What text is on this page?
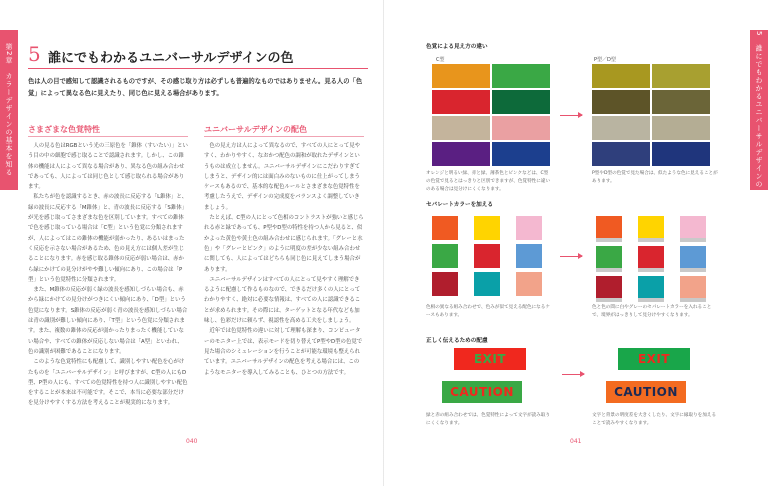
第2章　カラーデザインの基本を知る 5 誰にでもわかるユニバーサルデザインの色
色は人の目で感知して認識されるものですが、その感じ取り方は必ずしも普遍的なものではありません。見る人の「色覚」によって異なる色に見えたり、同じ色に見える場合があります。
さまざまな色覚特性

人の見る色はRGBという光の三原色を「錐体（すいたい）」という目の中の細胞で感じ取ることで認識されます。しかし、この錐体の機能は人によって異なる場合があり、異なる色の組み合わせであっても、人によっては同じ色として感じ取られる場合があります。

私たちが色を認識するとき、赤の波長に反応する「L錐体」と、緑の波長に反応する「M錐体」と、青の波長に反応する「S錐体」が光を感じ取ってさまざまな色を区別しています。すべての錐体で色を感じ取っている場合は「C型」という色覚に分類されますが、人によってはこの錐体の機能が弱かったり、あるいはまったく反応を示さない場合があるため、色の見え方には個人差が生じることになります。赤を感じ取る錐体の反応が弱い場合は、赤から緑にかけての見分けがやや難しい傾向にあり、この場合は「P型」という色覚特性に分類されます。

また、M錐体の反応が弱く緑の波長を感知しづらい場合も、赤から緑にかけての見分けがつきにくい傾向にあり、「D型」という色覚になります。S錐体の反応が弱く青の波長を感知しづらい場合は青の識別が難しい傾向にあり、「T型」という色覚に分類されます。また、複数の錐体の反応が弱かったりまったく機能していない場合や、すべての錐体が反応しない場合は「A型」といわれ、色の識別が困難であることになります。

このような色覚特性にも配慮して、識別しやすい配色を心がけたものを「ユニバーサルデザイン」と呼びますが、C型の人にもD型、P型の人にも、すべての色覚特性を持つ人に識別しやすい配色をすることが本来は不可能です。そこで、本当に必要な部分だけを見分けやすくする方法を考えることが現実的になります。

ユニバーサルデザインの配色

色の見え方は人によって異なるので、すべての人にとって見やすく、わかりやすく、なおかつ配色の調和が取れたデザインというものは成立しません。ユニバーサルデザインにこだわりすぎてしまうと、デザイン的には面白みのないものに仕上がってしまうケースもあるので、基本的な配色ルールとさまざまな色覚特性を考慮したうえで、デザインの完成度をバランスよく調整していきましょう。

たとえば、C型の人にとって色相のコントラストが強いと感じられる赤と緑であっても、P型やD型の特性を持つ人から見ると、似かよった黄色や黄土色の組み合わせに感じられます。「グレーと水色」や「グレーとピンク」のように明度の差が少ない組み合わせに関しても、人によってはどちらも同じ色に見えてしまう場合があります。

ユニバーサルデザインはすべての人にとって見やすく理解できるように配慮して作るものなので、できるだけ多くの人にとってわかりやすく、絶対に必要な情報は、すべての人に認識できることが求められます。その際には、ターゲットとなる年代なども加味し、色彩だけに頼らず、視認性を高める工夫をしましょう。

近年では色覚特性の違いに対して理解も深まり、コンピューターのモニター上では、表示モードを切り替えてP型やD型の色覚で見た場合のシミュレーションを行うことが可能な環境も整えられています。ユニバーサルデザインの配色を考える場合には、このようなモニターを導入してみることも、ひとつの方法です。

040
5　誰にでもわかるユニバーサルデザインの色
色覚による見え方の違い
C型	P型／D型
オレンジと明るい緑、赤と緑、薄茶色とピンクなどは、C型の色覚で見るとはっきりと区別できますが、色覚特性に違いのある場合は見分けにくくなります。
P型やD型の色覚で見た場合は、似たような色に見えることがあります。
セパレートカラーを加える
色相の異なる組み合わせで、色みが似て見える配色になるケースもあります。
色と色の間に白やグレーのセパレートカラーを入れることで、境界がはっきりして見分けやすくなります。
正しく伝えるための配慮
EXIT
CAUTION
EXIT
CAUTION
緑と赤の組み合わせでは、色覚特性によって文字が読み取りにくくなります。
文字と背景の明度差を大きくしたり、文字に縁取りを加えることで読みやすくなります。
041
